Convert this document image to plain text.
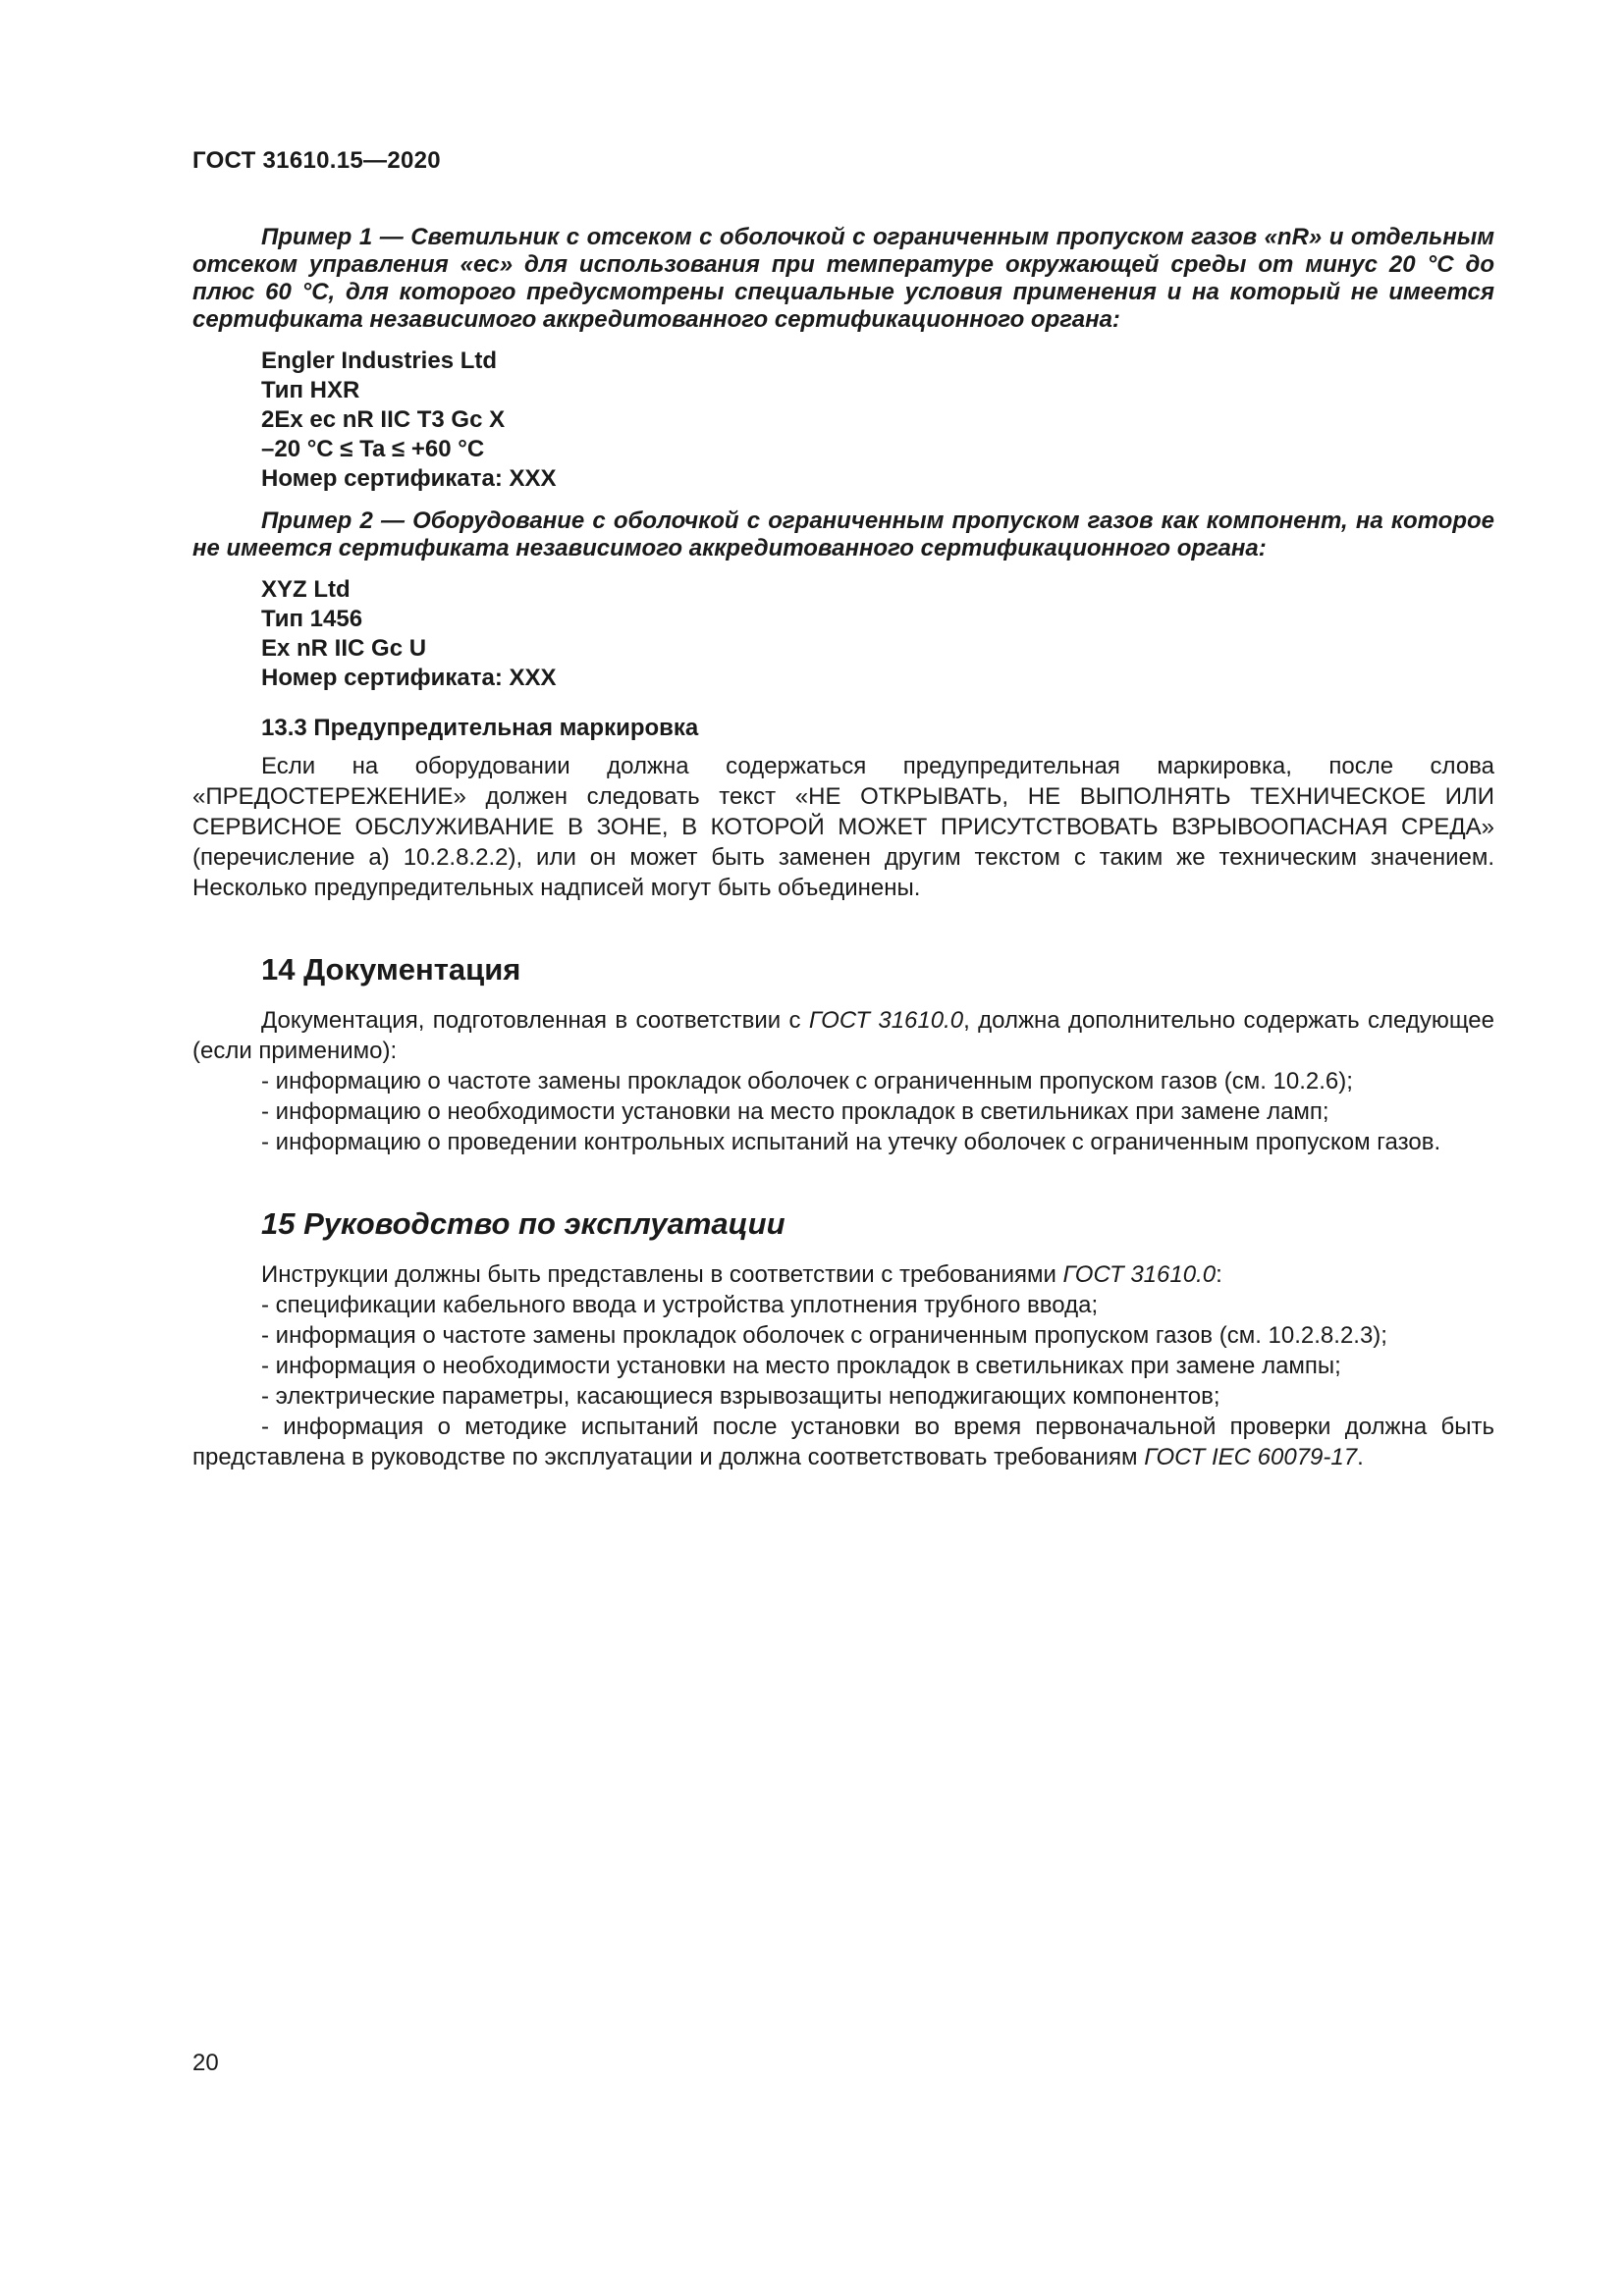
ГОСТ 31610.15—2020

Пример 1 — Светильник с отсеком с оболочкой с ограниченным пропуском газов «nR» и отдельным отсеком управления «ec» для использования при температуре окружающей среды от минус 20 °С до плюс 60 °С, для которого предусмотрены специальные условия применения и на который не имеется сертификата независимого аккредитованного сертификационного органа:

Engler Industries Ltd
Тип HXR
2Ex ec nR IIC T3 Gc X
–20 °C ≤ Ta ≤ +60 °C
Номер сертификата: XXX

Пример 2 — Оборудование с оболочкой с ограниченным пропуском газов как компонент, на которое не имеется сертификата независимого аккредитованного сертификационного органа:

XYZ Ltd
Тип 1456
Ex nR IIC Gc U
Номер сертификата: XXX

13.3 Предупредительная маркировка

Если на оборудовании должна содержаться предупредительная маркировка, после слова «ПРЕДОСТЕРЕЖЕНИЕ» должен следовать текст «НЕ ОТКРЫВАТЬ, НЕ ВЫПОЛНЯТЬ ТЕХНИЧЕСКОЕ ИЛИ СЕРВИСНОЕ ОБСЛУЖИВАНИЕ В ЗОНЕ, В КОТОРОЙ МОЖЕТ ПРИСУТСТВОВАТЬ ВЗРЫВООПАСНАЯ СРЕДА» (перечисление а) 10.2.8.2.2), или он может быть заменен другим текстом с таким же техническим значением. Несколько предупредительных надписей могут быть объединены.

14 Документация

Документация, подготовленная в соответствии с ГОСТ 31610.0, должна дополнительно содержать следующее (если применимо):

- информацию о частоте замены прокладок оболочек с ограниченным пропуском газов (см. 10.2.6);

- информацию о необходимости установки на место прокладок в светильниках при замене ламп;

- информацию о проведении контрольных испытаний на утечку оболочек с ограниченным пропуском газов.

15 Руководство по эксплуатации

Инструкции должны быть представлены в соответствии с требованиями ГОСТ 31610.0:

- спецификации кабельного ввода и устройства уплотнения трубного ввода;

- информация о частоте замены прокладок оболочек с ограниченным пропуском газов (см. 10.2.8.2.3);

- информация о необходимости установки на место прокладок в светильниках при замене лампы;

- электрические параметры, касающиеся взрывозащиты неподжигающих компонентов;

- информация о методике испытаний после установки во время первоначальной проверки должна быть представлена в руководстве по эксплуатации и должна соответствовать требованиям ГОСТ IEC 60079-17.

20
